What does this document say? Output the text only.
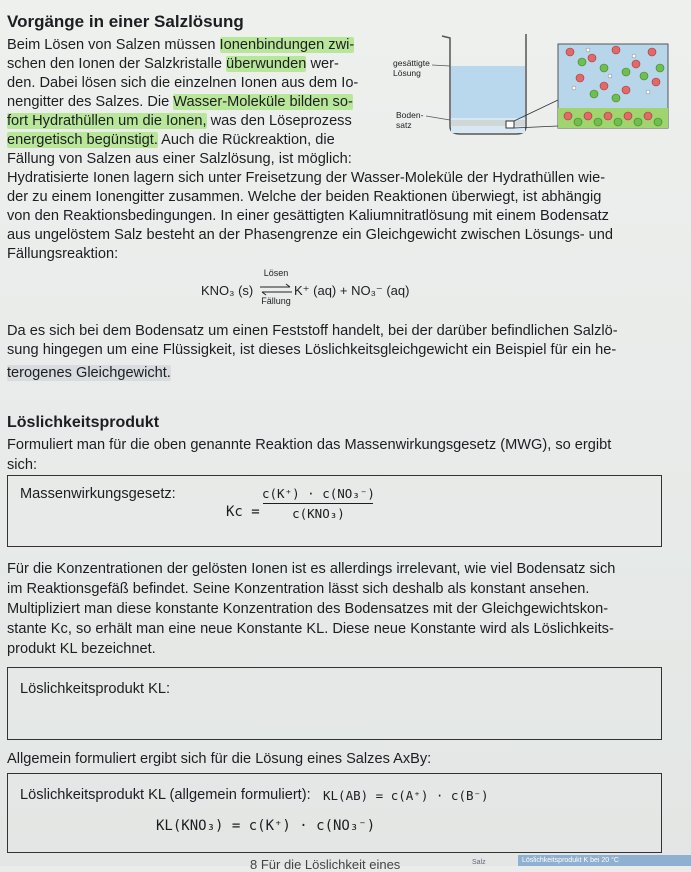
Vorgänge in einer Salzlösung
Beim Lösen von Salzen müssen Ionenbindungen zwi-
schen den Ionen der Salzkristalle überwunden wer-
den. Dabei lösen sich die einzelnen Ionen aus dem Io-
nengitter des Salzes. Die Wasser-Moleküle bilden so-
fort Hydrathüllen um die Ionen, was den Löseprozess
energetisch begünstigt. Auch die Rückreaktion, die
Fällung von Salzen aus einer Salzlösung, ist möglich:
Hydratisierte Ionen lagern sich unter Freisetzung der Wasser-Moleküle der Hydrathüllen wie-
der zu einem Ionengitter zusammen. Welche der beiden Reaktionen überwiegt, ist abhängig
von den Reaktionsbedingungen. In einer gesättigten Kaliumnitratlösung mit einem Bodensatz
aus ungelöstem Salz besteht an der Phasengrenze ein Gleichgewicht zwischen Lösungs- und
Fällungsreaktion:
gesättigte
Lösung
Boden-
satz
KNO₃ (s)
Lösen
Fällung
K⁺ (aq) + NO₃⁻ (aq)
Da es sich bei dem Bodensatz um einen Feststoff handelt, bei der darüber befindlichen Salzlö-
sung hingegen um eine Flüssigkeit, ist dieses Löslichkeitsgleichgewicht ein Beispiel für ein he-
terogenes Gleichgewicht.
Löslichkeitsprodukt
Formuliert man für die oben genannte Reaktion das Massenwirkungsgesetz (MWG), so ergibt
sich:
Massenwirkungsgesetz:
Kc =
c(K⁺) · c(NO₃⁻)
c(KNO₃)
Für die Konzentrationen der gelösten Ionen ist es allerdings irrelevant, wie viel Bodensatz sich
im Reaktionsgefäß befindet. Seine Konzentration lässt sich deshalb als konstant ansehen.
Multipliziert man diese konstante Konzentration des Bodensatzes mit der Gleichgewichtskon-
stante Kc, so erhält man eine neue Konstante KL. Diese neue Konstante wird als Löslichkeits-
produkt KL bezeichnet.
Löslichkeitsprodukt KL:
Allgemein formuliert ergibt sich für die Lösung eines Salzes AxBy:
Löslichkeitsprodukt KL (allgemein formuliert): KL(AB) = c(A⁺) · c(B⁻)
KL(KNO₃) = c(K⁺) · c(NO₃⁻)
8 Für die Löslichkeit eines	Salz	Löslichkeitsprodukt K bei 20 °C
